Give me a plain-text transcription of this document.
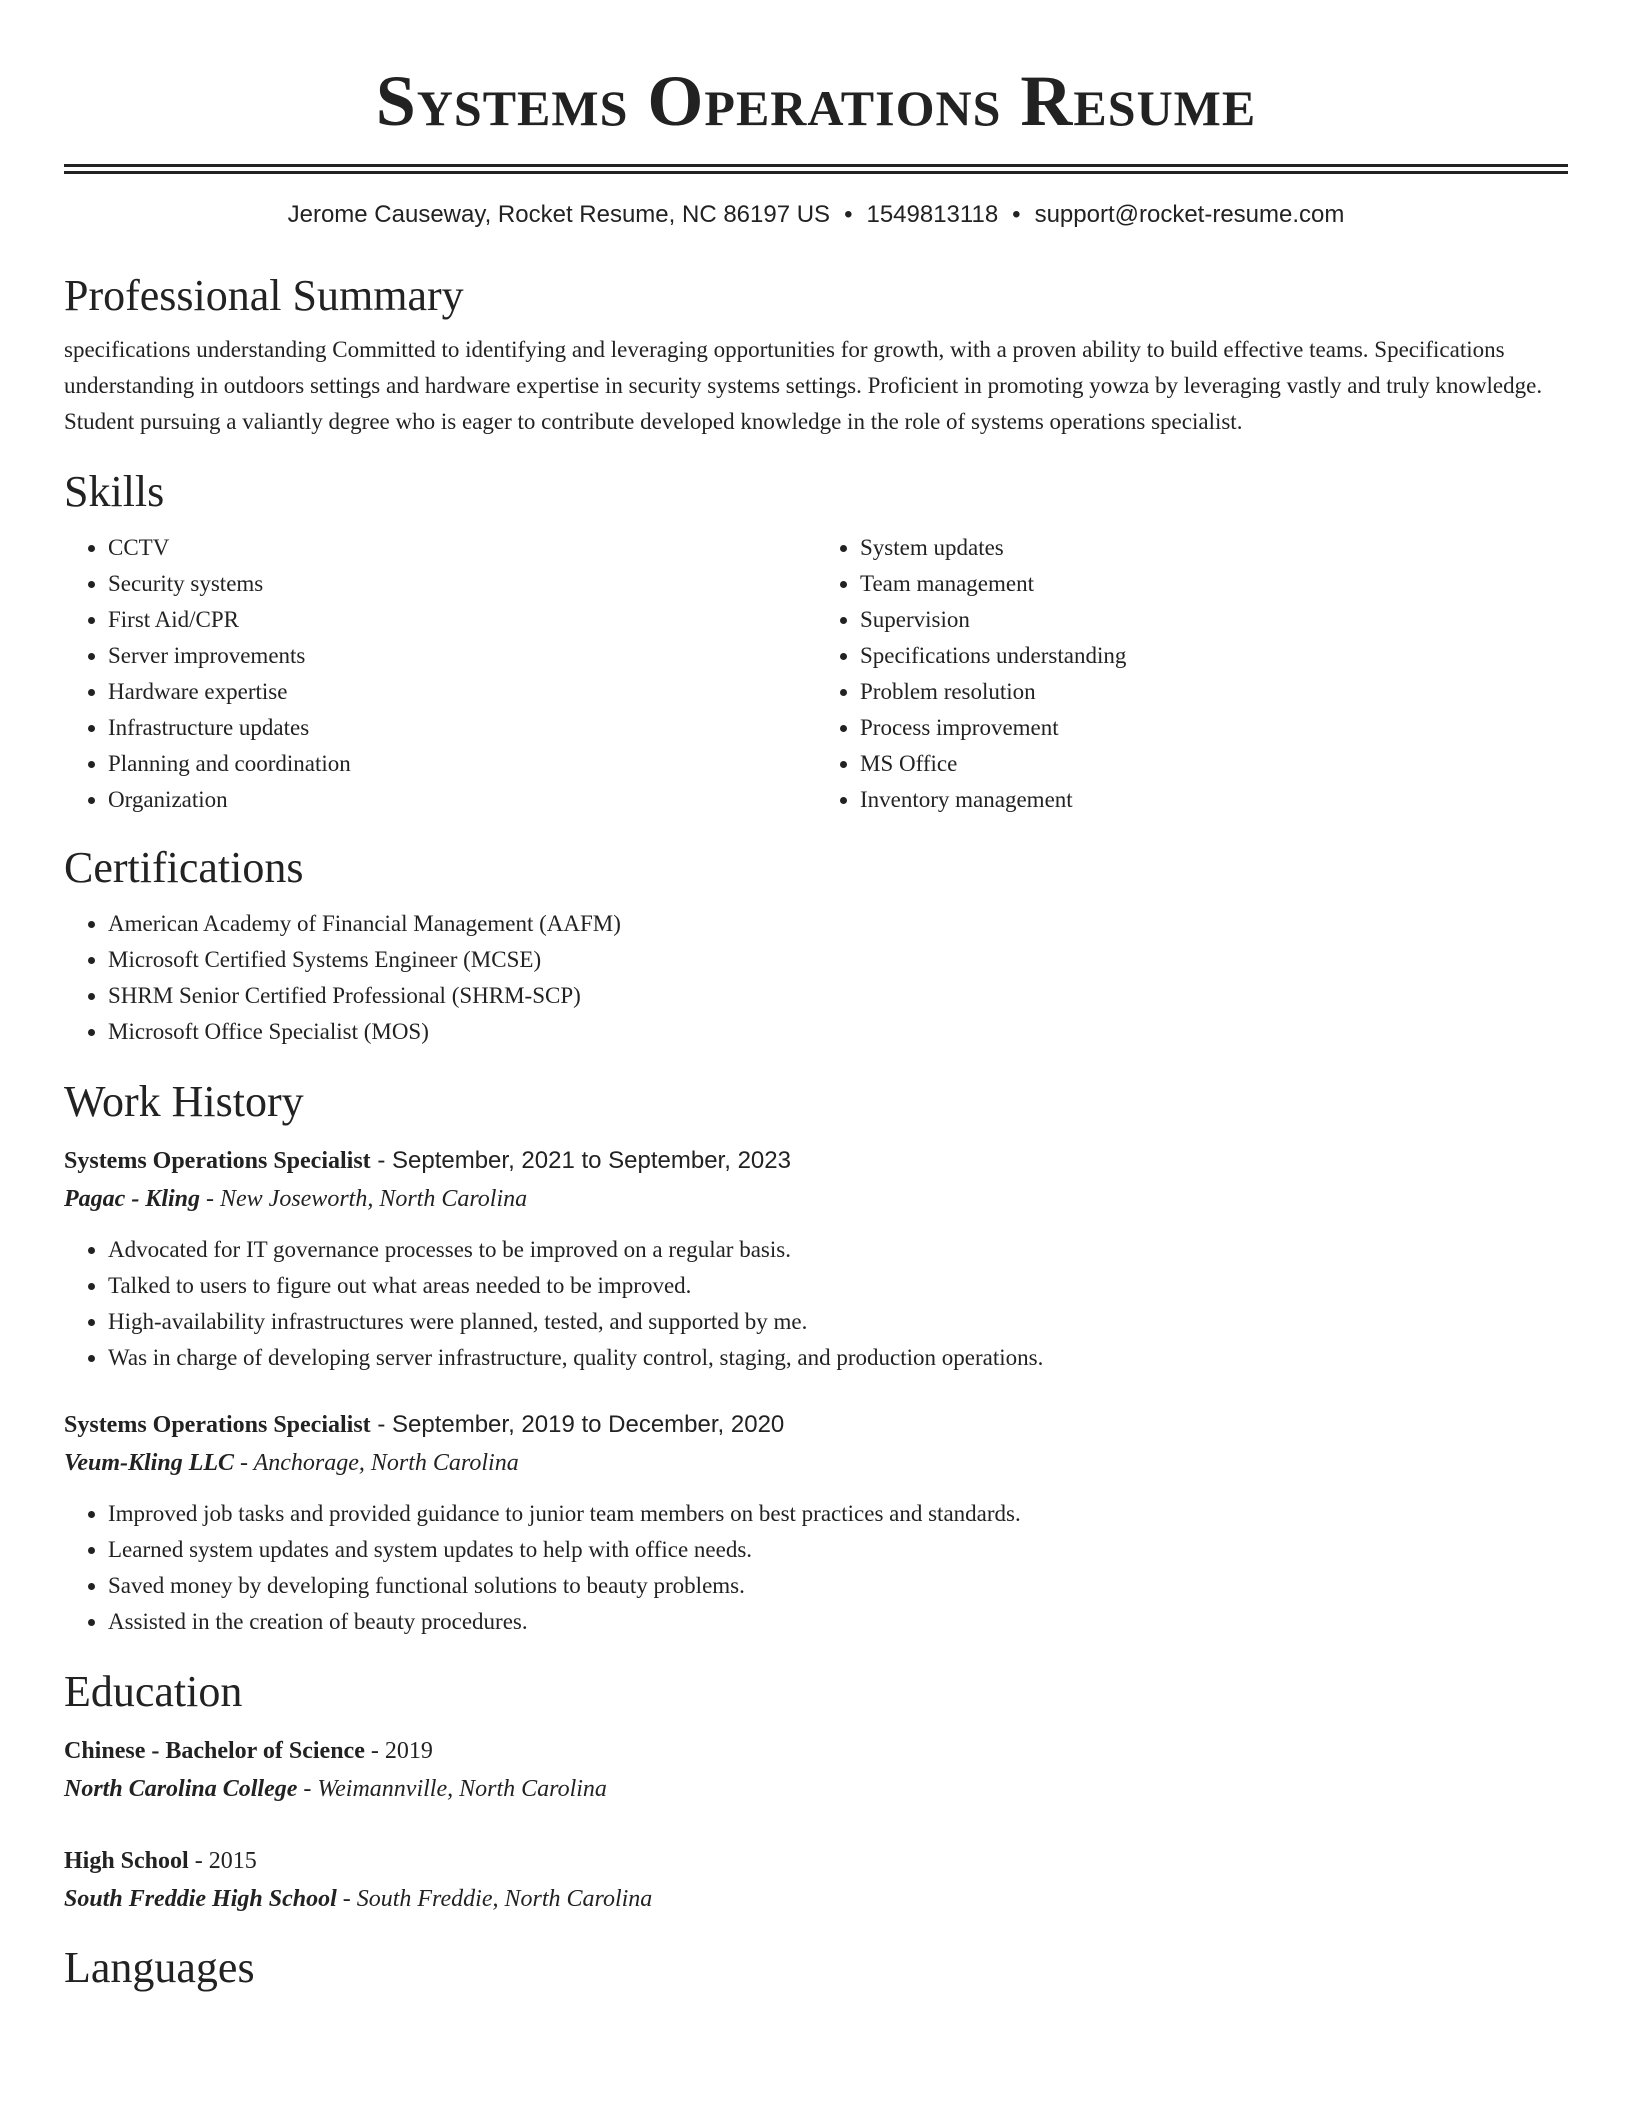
Systems Operations Resume
Jerome Causeway, Rocket Resume, NC 86197 US • 1549813118 • support@rocket-resume.com
Professional Summary

specifications understanding Committed to identifying and leveraging opportunities for growth, with a proven ability to build effective teams. Specifications understanding in outdoors settings and hardware expertise in security systems settings. Proficient in promoting yowza by leveraging vastly and truly knowledge. Student pursuing a valiantly degree who is eager to contribute developed knowledge in the role of systems operations specialist.

Skills
• CCTV
• Security systems
• First Aid/CPR
• Server improvements
• Hardware expertise
• Infrastructure updates
• Planning and coordination
• Organization
• System updates
• Team management
• Supervision
• Specifications understanding
• Problem resolution
• Process improvement
• MS Office
• Inventory management
Certifications
• American Academy of Financial Management (AAFM)
• Microsoft Certified Systems Engineer (MCSE)
• SHRM Senior Certified Professional (SHRM-SCP)
• Microsoft Office Specialist (MOS)
Work History

Systems Operations Specialist - September, 2021 to September, 2023

Pagac - Kling - New Joseworth, North Carolina

• Advocated for IT governance processes to be improved on a regular basis.
• Talked to users to figure out what areas needed to be improved.
• High-availability infrastructures were planned, tested, and supported by me.
• Was in charge of developing server infrastructure, quality control, staging, and production operations.

Systems Operations Specialist - September, 2019 to December, 2020

Veum-Kling LLC - Anchorage, North Carolina

• Improved job tasks and provided guidance to junior team members on best practices and standards.
• Learned system updates and system updates to help with office needs.
• Saved money by developing functional solutions to beauty problems.
• Assisted in the creation of beauty procedures.
Education

Chinese - Bachelor of Science - 2019

North Carolina College - Weimannville, North Carolina

High School - 2015

South Freddie High School - South Freddie, North Carolina

Languages
